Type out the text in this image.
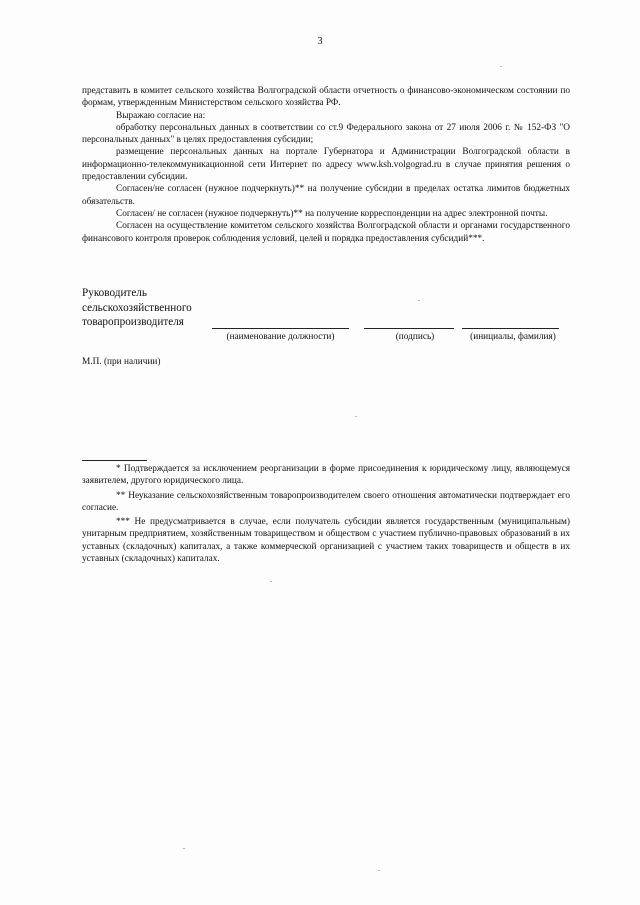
3

представить в комитет сельского хозяйства Волгоградской области отчетность о финансово-экономическом состоянии по формам, утвержденным Министерством сельского хозяйства РФ.

Выражаю согласие на:

обработку персональных данных в соответствии со ст.9 Федерального закона от 27 июля 2006 г. № 152-ФЗ "О персональных данных" в целях предоставления субсидии;

размещение персональных данных на портале Губернатора и Администрации Волгоградской области в информационно-телекоммуникационной сети Интернет по адресу www.ksh.volgograd.ru в случае принятия решения о предоставлении субсидии.

Согласен/не согласен (нужное подчеркнуть)** на получение субсидии в пределах остатка лимитов бюджетных обязательств.

Согласен/ не согласен (нужное подчеркнуть)** на получение корреспонденции на адрес электронной почты.

Согласен на осуществление комитетом сельского хозяйства Волгоградской области и органами государственного финансового контроля проверок соблюдения условий, целей и порядка предоставления субсидий***.

Руководитель
сельскохозяйственного
товаропроизводителя
(наименование должности)	(подпись)	(инициалы, фамилия)
М.П. (при наличии)

* Подтверждается за исключением реорганизации в форме присоединения к юридическому лицу, являющемуся заявителем, другого юридического лица.

** Неуказание сельскохозяйственным товаропроизводителем своего отношения автоматически подтверждает его согласие.

*** Не предусматривается в случае, если получатель субсидии является государственным (муниципальным) унитарным предприятием, хозяйственным товариществом и обществом с участием публично-правовых образований в их уставных (складочных) капиталах, а также коммерческой организацией с участием таких товариществ и обществ в их уставных (складочных) капиталах.
